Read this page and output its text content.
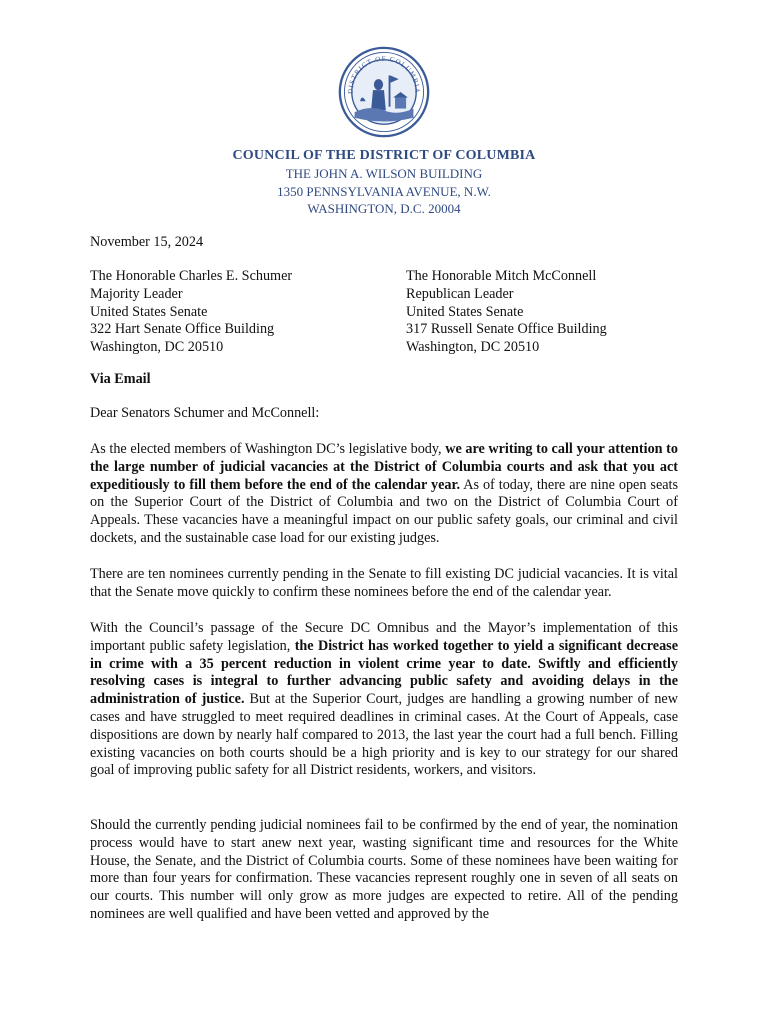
DISTRICT OF COLUMBIA
COUNCIL OF THE DISTRICT OF COLUMBIA
THE JOHN A. WILSON BUILDING
1350 PENNSYLVANIA AVENUE, N.W.
WASHINGTON, D.C. 20004
November 15, 2024
The Honorable Charles E. Schumer
Majority Leader
United States Senate
322 Hart Senate Office Building
Washington, DC 20510
The Honorable Mitch McConnell
Republican Leader
United States Senate
317 Russell Senate Office Building
Washington, DC 20510
Via Email
Dear Senators Schumer and McConnell:

As the elected members of Washington DC’s legislative body, we are writing to call your attention to the large number of judicial vacancies at the District of Columbia courts and ask that you act expeditiously to fill them before the end of the calendar year. As of today, there are nine open seats on the Superior Court of the District of Columbia and two on the District of Columbia Court of Appeals. These vacancies have a meaningful impact on our public safety goals, our criminal and civil dockets, and the sustainable case load for our existing judges.

There are ten nominees currently pending in the Senate to fill existing DC judicial vacancies. It is vital that the Senate move quickly to confirm these nominees before the end of the calendar year.

With the Council’s passage of the Secure DC Omnibus and the Mayor’s implementation of this important public safety legislation, the District has worked together to yield a significant decrease in crime with a 35 percent reduction in violent crime year to date. Swiftly and efficiently resolving cases is integral to further advancing public safety and avoiding delays in the administration of justice. But at the Superior Court, judges are handling a growing number of new cases and have struggled to meet required deadlines in criminal cases. At the Court of Appeals, case dispositions are down by nearly half compared to 2013, the last year the court had a full bench. Filling existing vacancies on both courts should be a high priority and is key to our strategy for our shared goal of improving public safety for all District residents, workers, and visitors.

Should the currently pending judicial nominees fail to be confirmed by the end of year, the nomination process would have to start anew next year, wasting significant time and resources for the White House, the Senate, and the District of Columbia courts. Some of these nominees have been waiting for more than four years for confirmation. These vacancies represent roughly one in seven of all seats on our courts. This number will only grow as more judges are expected to retire. All of the pending nominees are well qualified and have been vetted and approved by the
